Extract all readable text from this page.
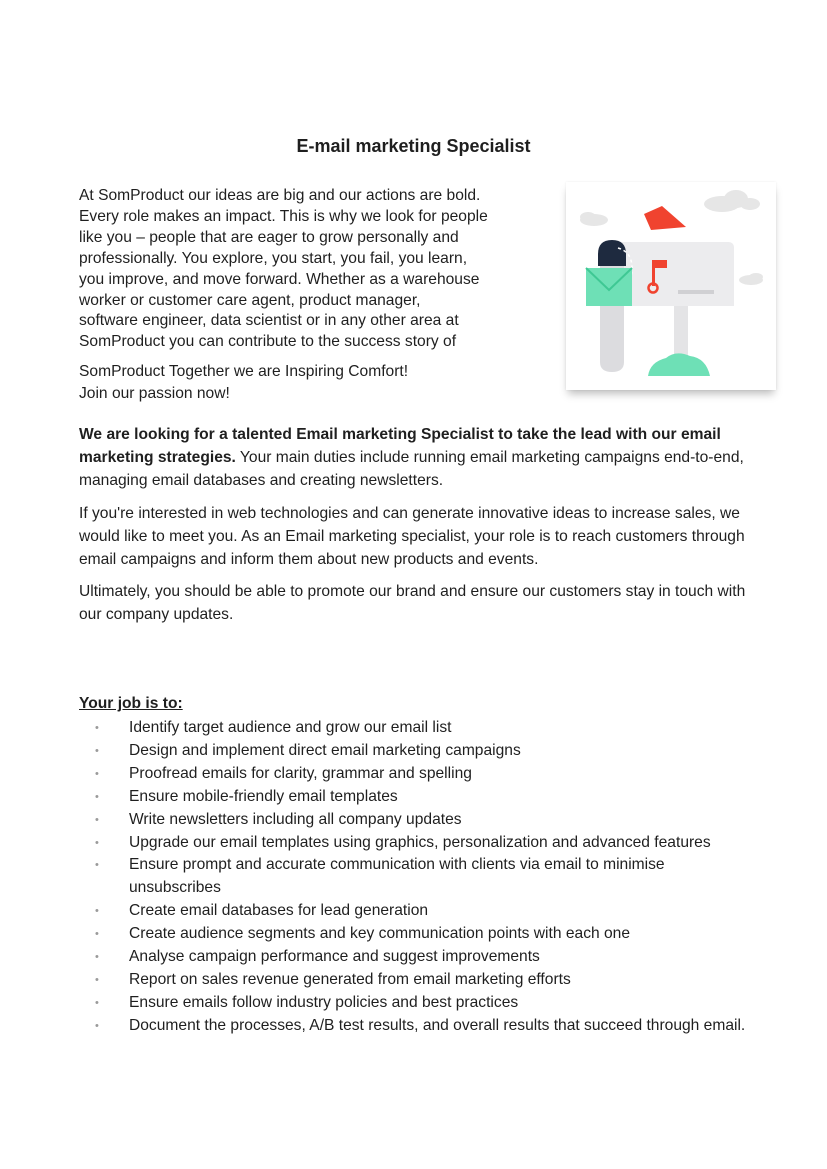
E-mail marketing Specialist

At SomProduct our ideas are big and our actions are bold.

Every role makes an impact. This is why we look for people

like you – people that are eager to grow personally and

professionally. You explore, you start, you fail, you learn,

you improve, and move forward. Whether as a warehouse

worker or customer care agent, product manager,

software engineer, data scientist or in any other area at

SomProduct you can contribute to the success story of

SomProduct Together we are Inspiring Comfort!

Join our passion now!

We are looking for a talented Email marketing Specialist to take the lead with our email marketing strategies. Your main duties include running email marketing campaigns end-to-end, managing email databases and creating newsletters.

If you're interested in web technologies and can generate innovative ideas to increase sales, we would like to meet you. As an Email marketing specialist, your role is to reach customers through email campaigns and inform them about new products and events.

Ultimately, you should be able to promote our brand and ensure our customers stay in touch with our company updates.

Your job is to:
• Identify target audience and grow our email list
• Design and implement direct email marketing campaigns
• Proofread emails for clarity, grammar and spelling
• Ensure mobile-friendly email templates
• Write newsletters including all company updates
• Upgrade our email templates using graphics, personalization and advanced features
• Ensure prompt and accurate communication with clients via email to minimise unsubscribes
• Create email databases for lead generation
• Create audience segments and key communication points with each one
• Analyse campaign performance and suggest improvements
• Report on sales revenue generated from email marketing efforts
• Ensure emails follow industry policies and best practices
• Document the processes, A/B test results, and overall results that succeed through email.
